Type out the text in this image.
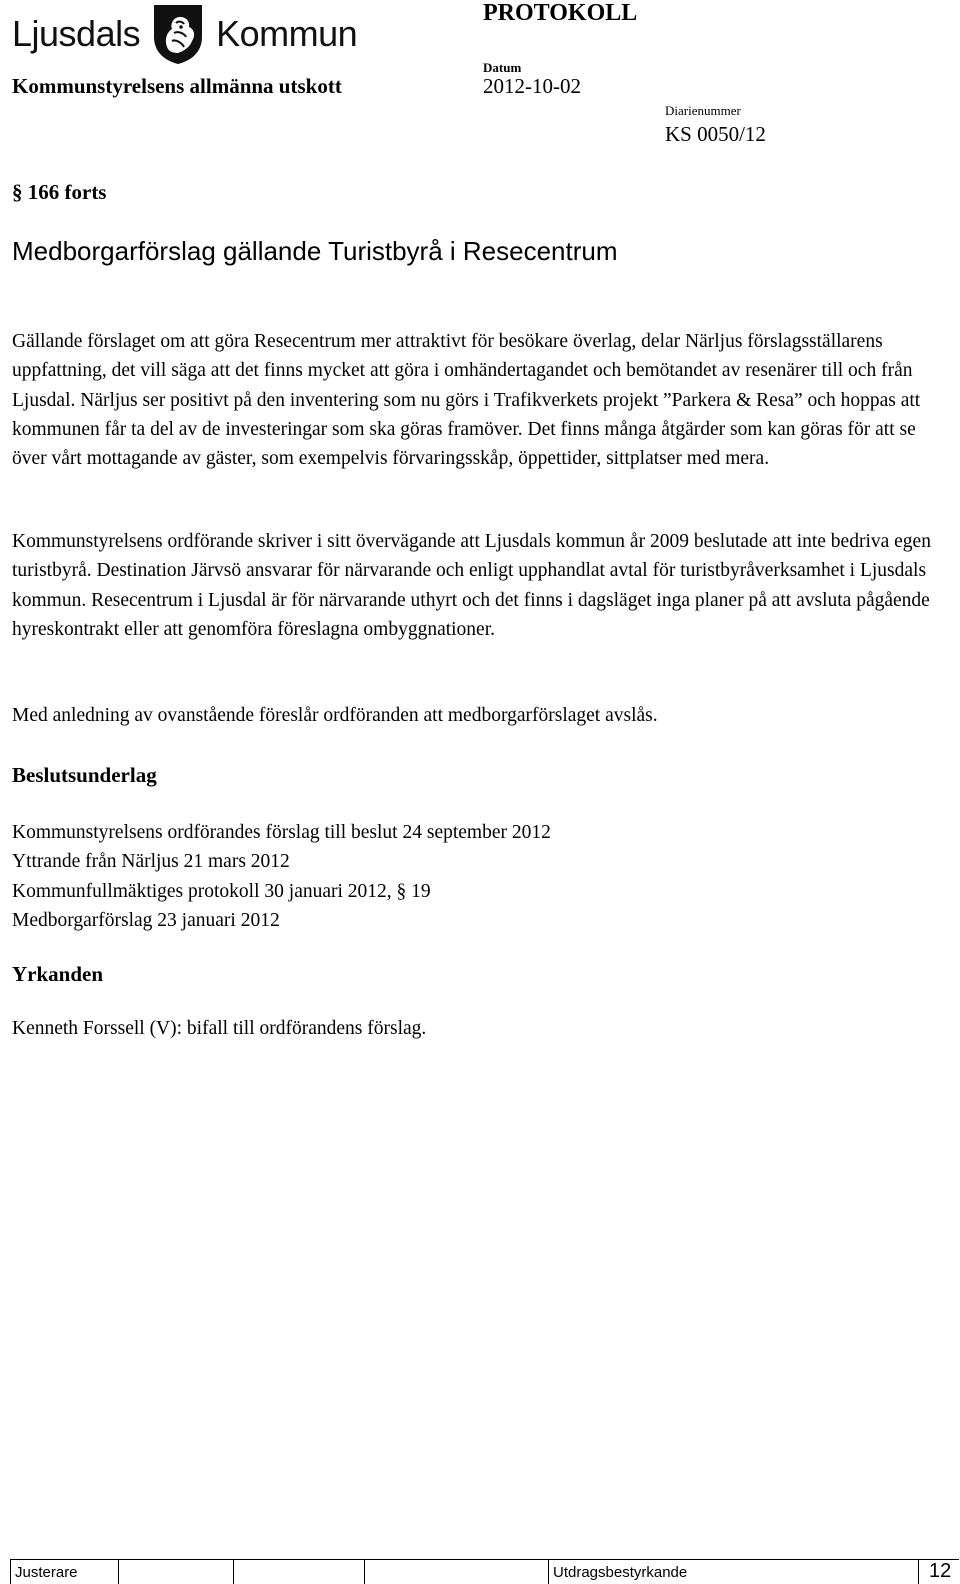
Ljusdals Kommun	PROTOKOLL
Kommunstyrelsens allmänna utskott
Datum
2012-10-02
Diarienummer
KS 0050/12
§ 166 forts
Medborgarförslag gällande Turistbyrå i Resecentrum
Gällande förslaget om att göra Resecentrum mer attraktivt för besökare överlag, delar Närljus förslagsställarens uppfattning, det vill säga att det finns mycket att göra i omhändertagandet och bemötandet av resenärer till och från Ljusdal. Närljus ser positivt på den inventering som nu görs i Trafikverkets projekt ”Parkera & Resa” och hoppas att kommunen får ta del av de investeringar som ska göras framöver. Det finns många åtgärder som kan göras för att se över vårt mottagande av gäster, som exempelvis förvaringsskåp, öppettider, sittplatser med mera.
Kommunstyrelsens ordförande skriver i sitt övervägande att Ljusdals kommun år 2009 beslutade att inte bedriva egen turistbyrå. Destination Järvsö ansvarar för närvarande och enligt upphandlat avtal för turistbyråverksamhet i Ljusdals kommun. Resecentrum i Ljusdal är för närvarande uthyrt och det finns i dagsläget inga planer på att avsluta pågående hyreskontrakt eller att genomföra föreslagna ombyggnationer.
Med anledning av ovanstående föreslår ordföranden att medborgarförslaget avslås.
Beslutsunderlag
Kommunstyrelsens ordförandes förslag till beslut 24 september 2012
Yttrande från Närljus 21 mars 2012
Kommunfullmäktiges protokoll 30 januari 2012, § 19
Medborgarförslag 23 januari 2012
Yrkanden
Kenneth Forssell (V): bifall till ordförandens förslag.
Justerare	Utdragsbestyrkande	12
